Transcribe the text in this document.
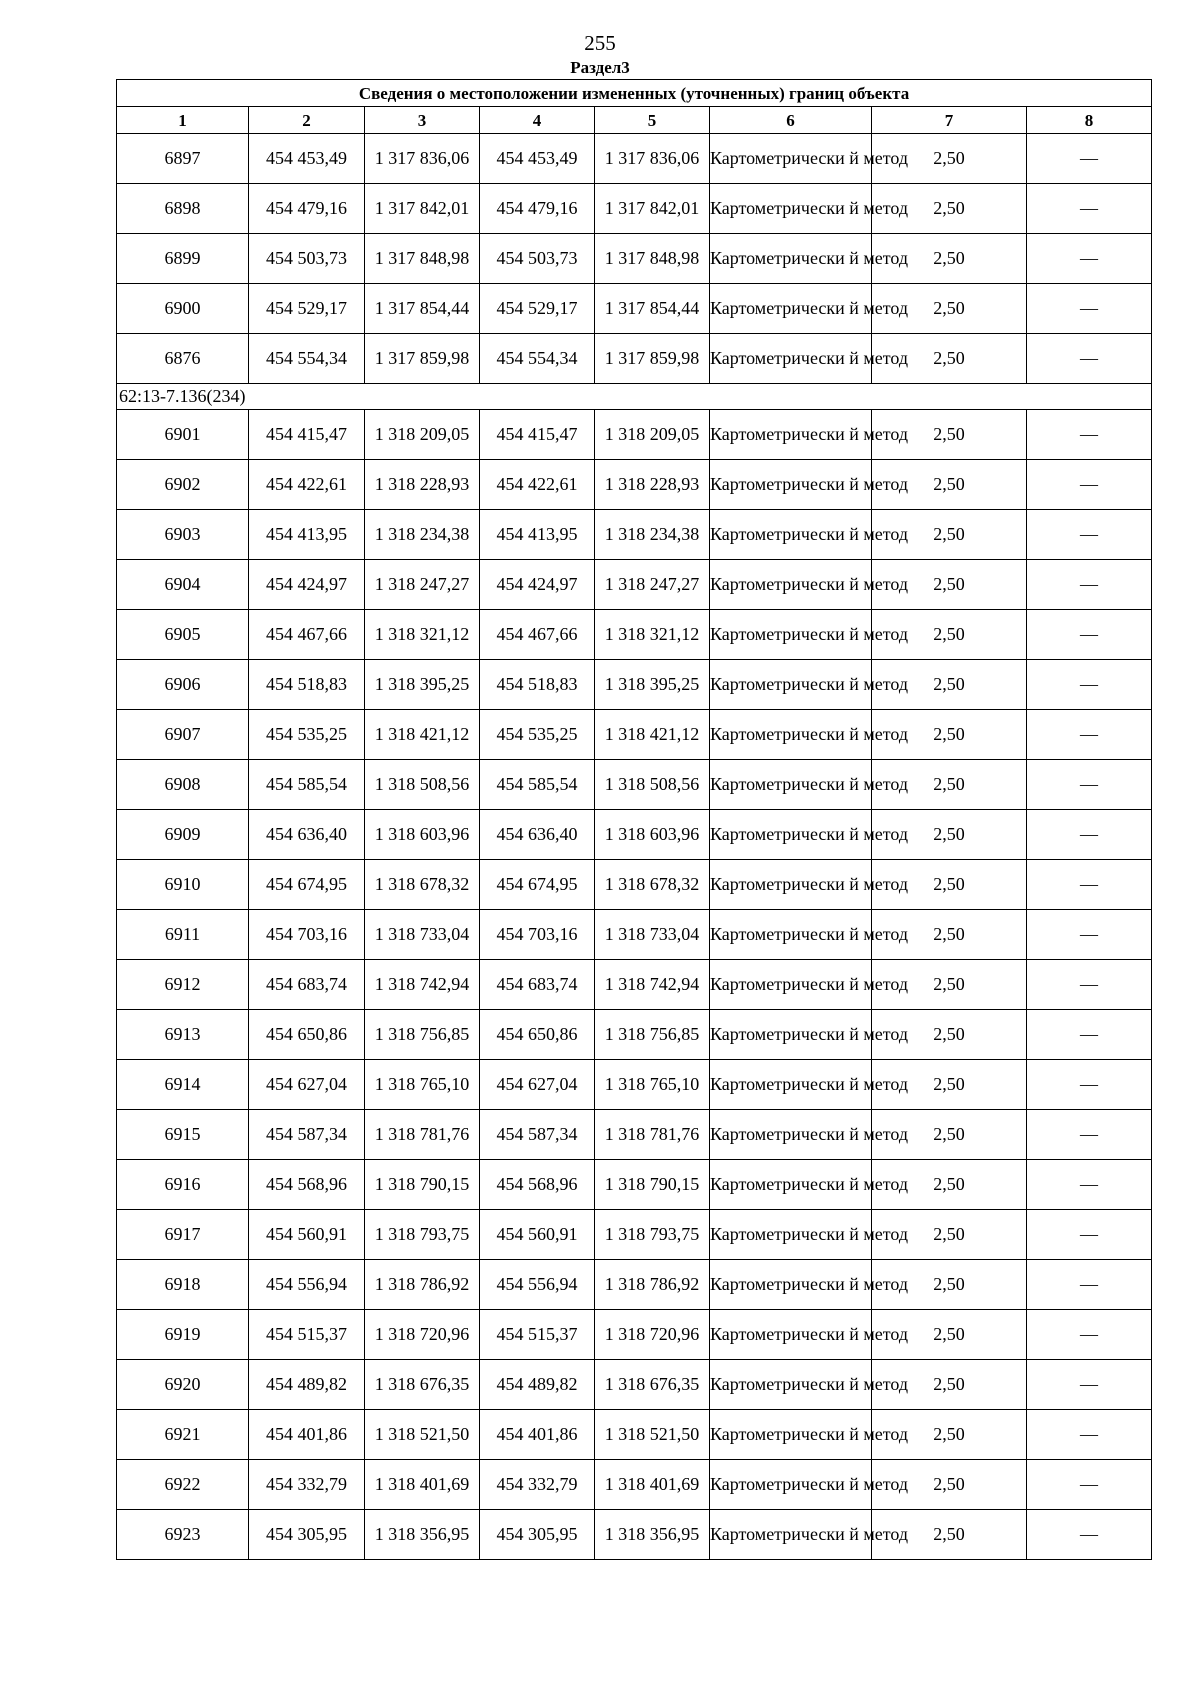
255
Раздел3
Сведения о местоположении измененных (уточненных) границ объекта							
1	2	3	4	5	6	7	8
6897	454 453,49	1 317 836,06	454 453,49	1 317 836,06	Картометрически й метод	2,50	—
6898	454 479,16	1 317 842,01	454 479,16	1 317 842,01	Картометрически й метод	2,50	—
6899	454 503,73	1 317 848,98	454 503,73	1 317 848,98	Картометрически й метод	2,50	—
6900	454 529,17	1 317 854,44	454 529,17	1 317 854,44	Картометрически й метод	2,50	—
6876	454 554,34	1 317 859,98	454 554,34	1 317 859,98	Картометрически й метод	2,50	—
62:13-7.136(234)							
6901	454 415,47	1 318 209,05	454 415,47	1 318 209,05	Картометрически й метод	2,50	—
6902	454 422,61	1 318 228,93	454 422,61	1 318 228,93	Картометрически й метод	2,50	—
6903	454 413,95	1 318 234,38	454 413,95	1 318 234,38	Картометрически й метод	2,50	—
6904	454 424,97	1 318 247,27	454 424,97	1 318 247,27	Картометрически й метод	2,50	—
6905	454 467,66	1 318 321,12	454 467,66	1 318 321,12	Картометрически й метод	2,50	—
6906	454 518,83	1 318 395,25	454 518,83	1 318 395,25	Картометрически й метод	2,50	—
6907	454 535,25	1 318 421,12	454 535,25	1 318 421,12	Картометрически й метод	2,50	—
6908	454 585,54	1 318 508,56	454 585,54	1 318 508,56	Картометрически й метод	2,50	—
6909	454 636,40	1 318 603,96	454 636,40	1 318 603,96	Картометрически й метод	2,50	—
6910	454 674,95	1 318 678,32	454 674,95	1 318 678,32	Картометрически й метод	2,50	—
6911	454 703,16	1 318 733,04	454 703,16	1 318 733,04	Картометрически й метод	2,50	—
6912	454 683,74	1 318 742,94	454 683,74	1 318 742,94	Картометрически й метод	2,50	—
6913	454 650,86	1 318 756,85	454 650,86	1 318 756,85	Картометрически й метод	2,50	—
6914	454 627,04	1 318 765,10	454 627,04	1 318 765,10	Картометрически й метод	2,50	—
6915	454 587,34	1 318 781,76	454 587,34	1 318 781,76	Картометрически й метод	2,50	—
6916	454 568,96	1 318 790,15	454 568,96	1 318 790,15	Картометрически й метод	2,50	—
6917	454 560,91	1 318 793,75	454 560,91	1 318 793,75	Картометрически й метод	2,50	—
6918	454 556,94	1 318 786,92	454 556,94	1 318 786,92	Картометрически й метод	2,50	—
6919	454 515,37	1 318 720,96	454 515,37	1 318 720,96	Картометрически й метод	2,50	—
6920	454 489,82	1 318 676,35	454 489,82	1 318 676,35	Картометрически й метод	2,50	—
6921	454 401,86	1 318 521,50	454 401,86	1 318 521,50	Картометрически й метод	2,50	—
6922	454 332,79	1 318 401,69	454 332,79	1 318 401,69	Картометрически й метод	2,50	—
6923	454 305,95	1 318 356,95	454 305,95	1 318 356,95	Картометрически й метод	2,50	—
